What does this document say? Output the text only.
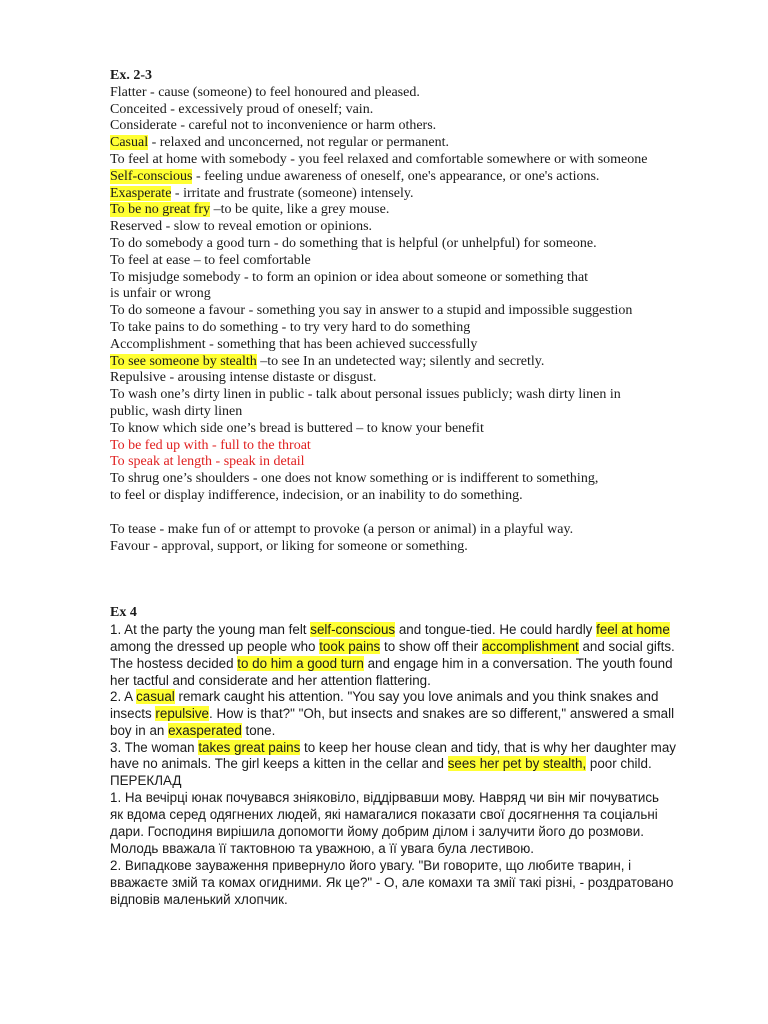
Ex. 2-3
Flatter - cause (someone) to feel honoured and pleased.
Conceited - excessively proud of oneself; vain.
Considerate - careful not to inconvenience or harm others.
Casual - relaxed and unconcerned, not regular or permanent.
To feel at home with somebody - you feel relaxed and comfortable somewhere or with someone
Self-conscious - feeling undue awareness of oneself, one's appearance, or one's actions.
Exasperate - irritate and frustrate (someone) intensely.
To be no great fry –to be quite, like a grey mouse.
Reserved - slow to reveal emotion or opinions.
To do somebody a good turn - do something that is helpful (or unhelpful) for someone.
To feel at ease – to feel comfortable
To misjudge somebody - to form an opinion or idea about someone or something that
is unfair or wrong
To do someone a favour - something you say in answer to a stupid and impossible suggestion
To take pains to do something - to try very hard to do something
Accomplishment - something that has been achieved successfully
To see someone by stealth –to see In an undetected way; silently and secretly.
Repulsive - arousing intense distaste or disgust.
To wash one’s dirty linen in public - talk about personal issues publicly; wash dirty linen in
public, wash dirty linen
To know which side one’s bread is buttered – to know your benefit
To be fed up with - full to the throat
To speak at length - speak in detail
To shrug one’s shoulders - one does not know something or is indifferent to something,
to feel or display indifference, indecision, or an inability to do something.
To tease - make fun of or attempt to provoke (a person or animal) in a playful way.
Favour - approval, support, or liking for someone or something.
Ex 4
1. At the party the young man felt self-conscious and tongue-tied. He could hardly feel at home
among the dressed up people who took pains to show off their accomplishment and social gifts.
The hostess decided to do him a good turn and engage him in a conversation. The youth found
her tactful and considerate and her attention flattering.
2. A casual remark caught his attention. "You say you love animals and you think snakes and
insects repulsive. How is that?" "Oh, but insects and snakes are so different," answered a small
boy in an exasperated tone.
3. The woman takes great pains to keep her house clean and tidy, that is why her daughter may
have no animals. The girl keeps a kitten in the cellar and sees her pet by stealth, poor child.
ПЕРЕКЛАД
1. На вечірці юнак почувався зніяковіло, віддірвавши мову. Навряд чи він міг почуватись
як вдома серед одягнених людей, які намагалися показати свої досягнення та соціальні
дари. Господиня вирішила допомогти йому добрим ділом і залучити його до розмови.
Молодь вважала її тактовною та уважною, а її увага була лестивою.
2. Випадкове зауваження привернуло його увагу. "Ви говорите, що любите тварин, і
вважаєте змій та комах огидними. Як це?" - О, але комахи та змії такі різні, - роздратовано
відповів маленький хлопчик.
